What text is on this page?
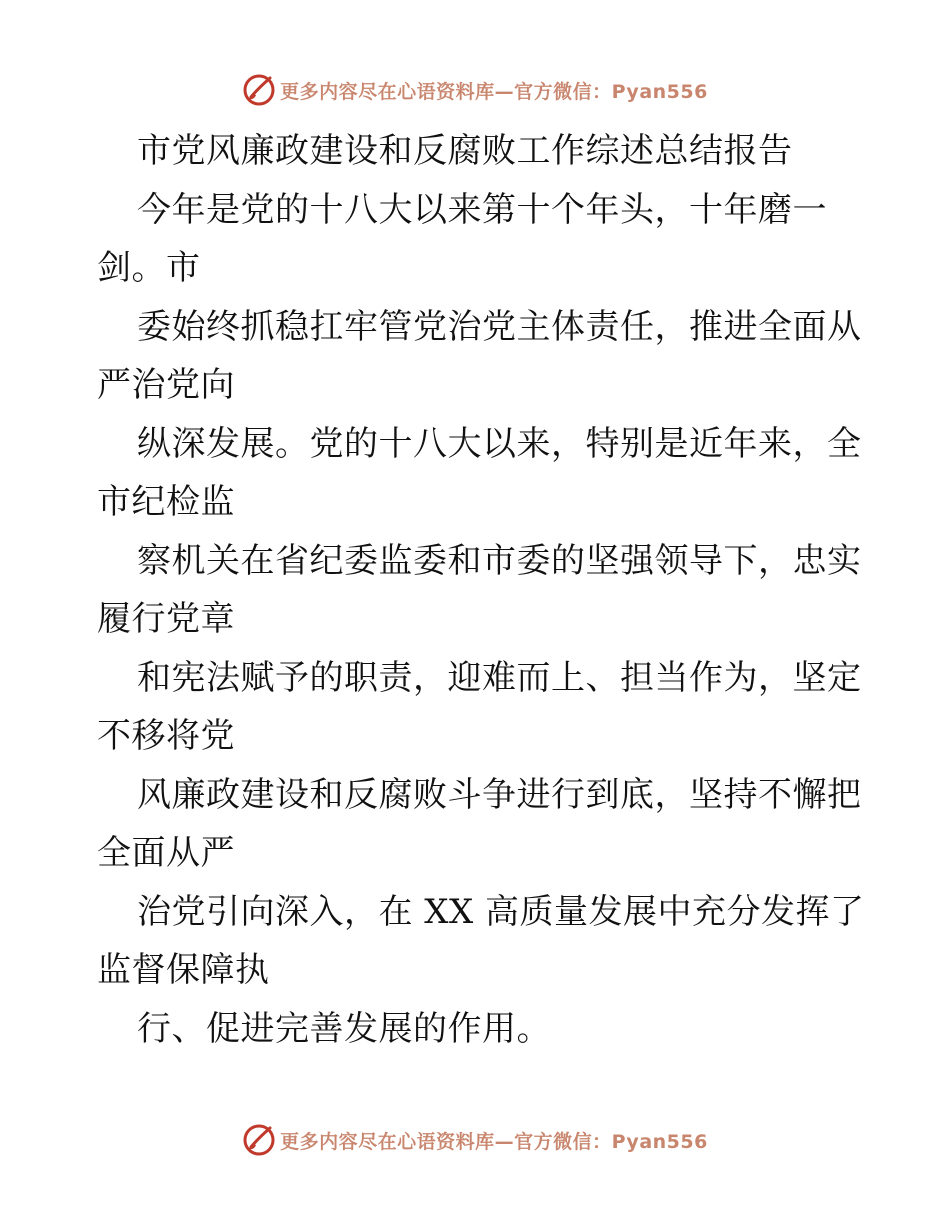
更多内容尽在心语资料库—官方微信：Pyan556
市党风廉政建设和反腐败工作综述总结报告
今年是党的十八大以来第十个年头，十年磨一
剑。市
委始终抓稳扛牢管党治党主体责任，推进全面从
严治党向
纵深发展。党的十八大以来，特别是近年来，全
市纪检监
察机关在省纪委监委和市委的坚强领导下，忠实
履行党章
和宪法赋予的职责，迎难而上、担当作为，坚定
不移将党
风廉政建设和反腐败斗争进行到底，坚持不懈把
全面从严
治党引向深入，在 XX 高质量发展中充分发挥了
监督保障执
行、促进完善发展的作用。
更多内容尽在心语资料库—官方微信：Pyan556
